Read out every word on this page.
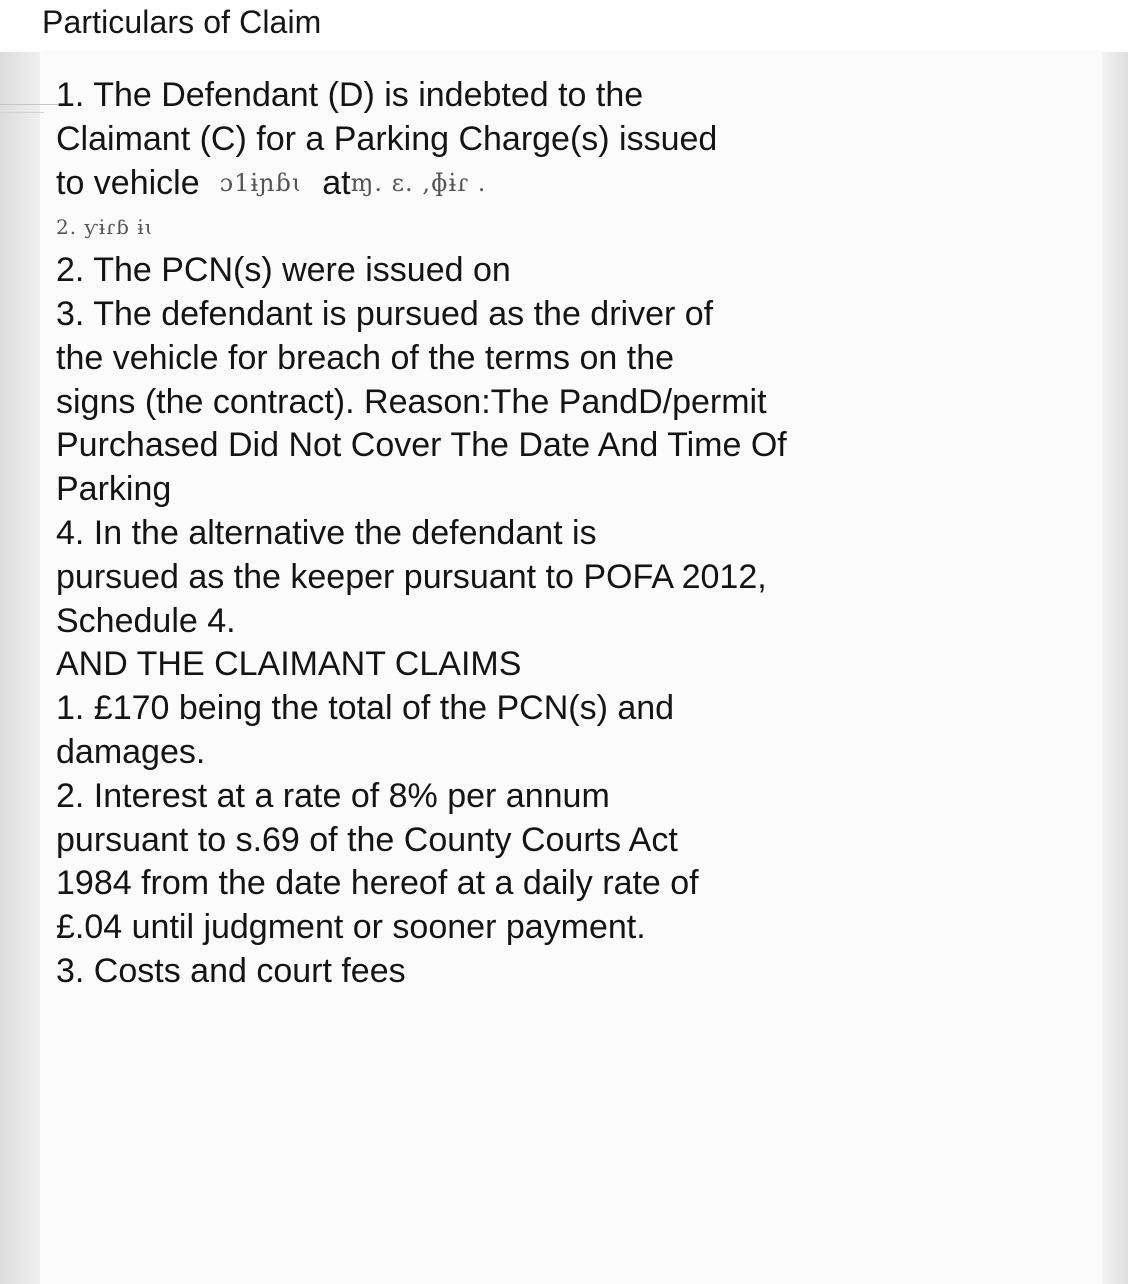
Particulars of Claim
1. The Defendant (D) is indebted to the
Claimant (C) for a Parking Charge(s) issued
to vehicle ɔ1ɨɲɓɩ atɱ. ɛ. ,ɸɨɾ .
2. ƴɨɾɓ ɨɩ
2. The PCN(s) were issued on
3. The defendant is pursued as the driver of
the vehicle for breach of the terms on the
signs (the contract). Reason:The PandD/permit
Purchased Did Not Cover The Date And Time Of
Parking
4. In the alternative the defendant is
pursued as the keeper pursuant to POFA 2012,
Schedule 4.
AND THE CLAIMANT CLAIMS
1. £170 being the total of the PCN(s) and
damages.
2. Interest at a rate of 8% per annum
pursuant to s.69 of the County Courts Act
1984 from the date hereof at a daily rate of
£.04 until judgment or sooner payment.
3. Costs and court fees
